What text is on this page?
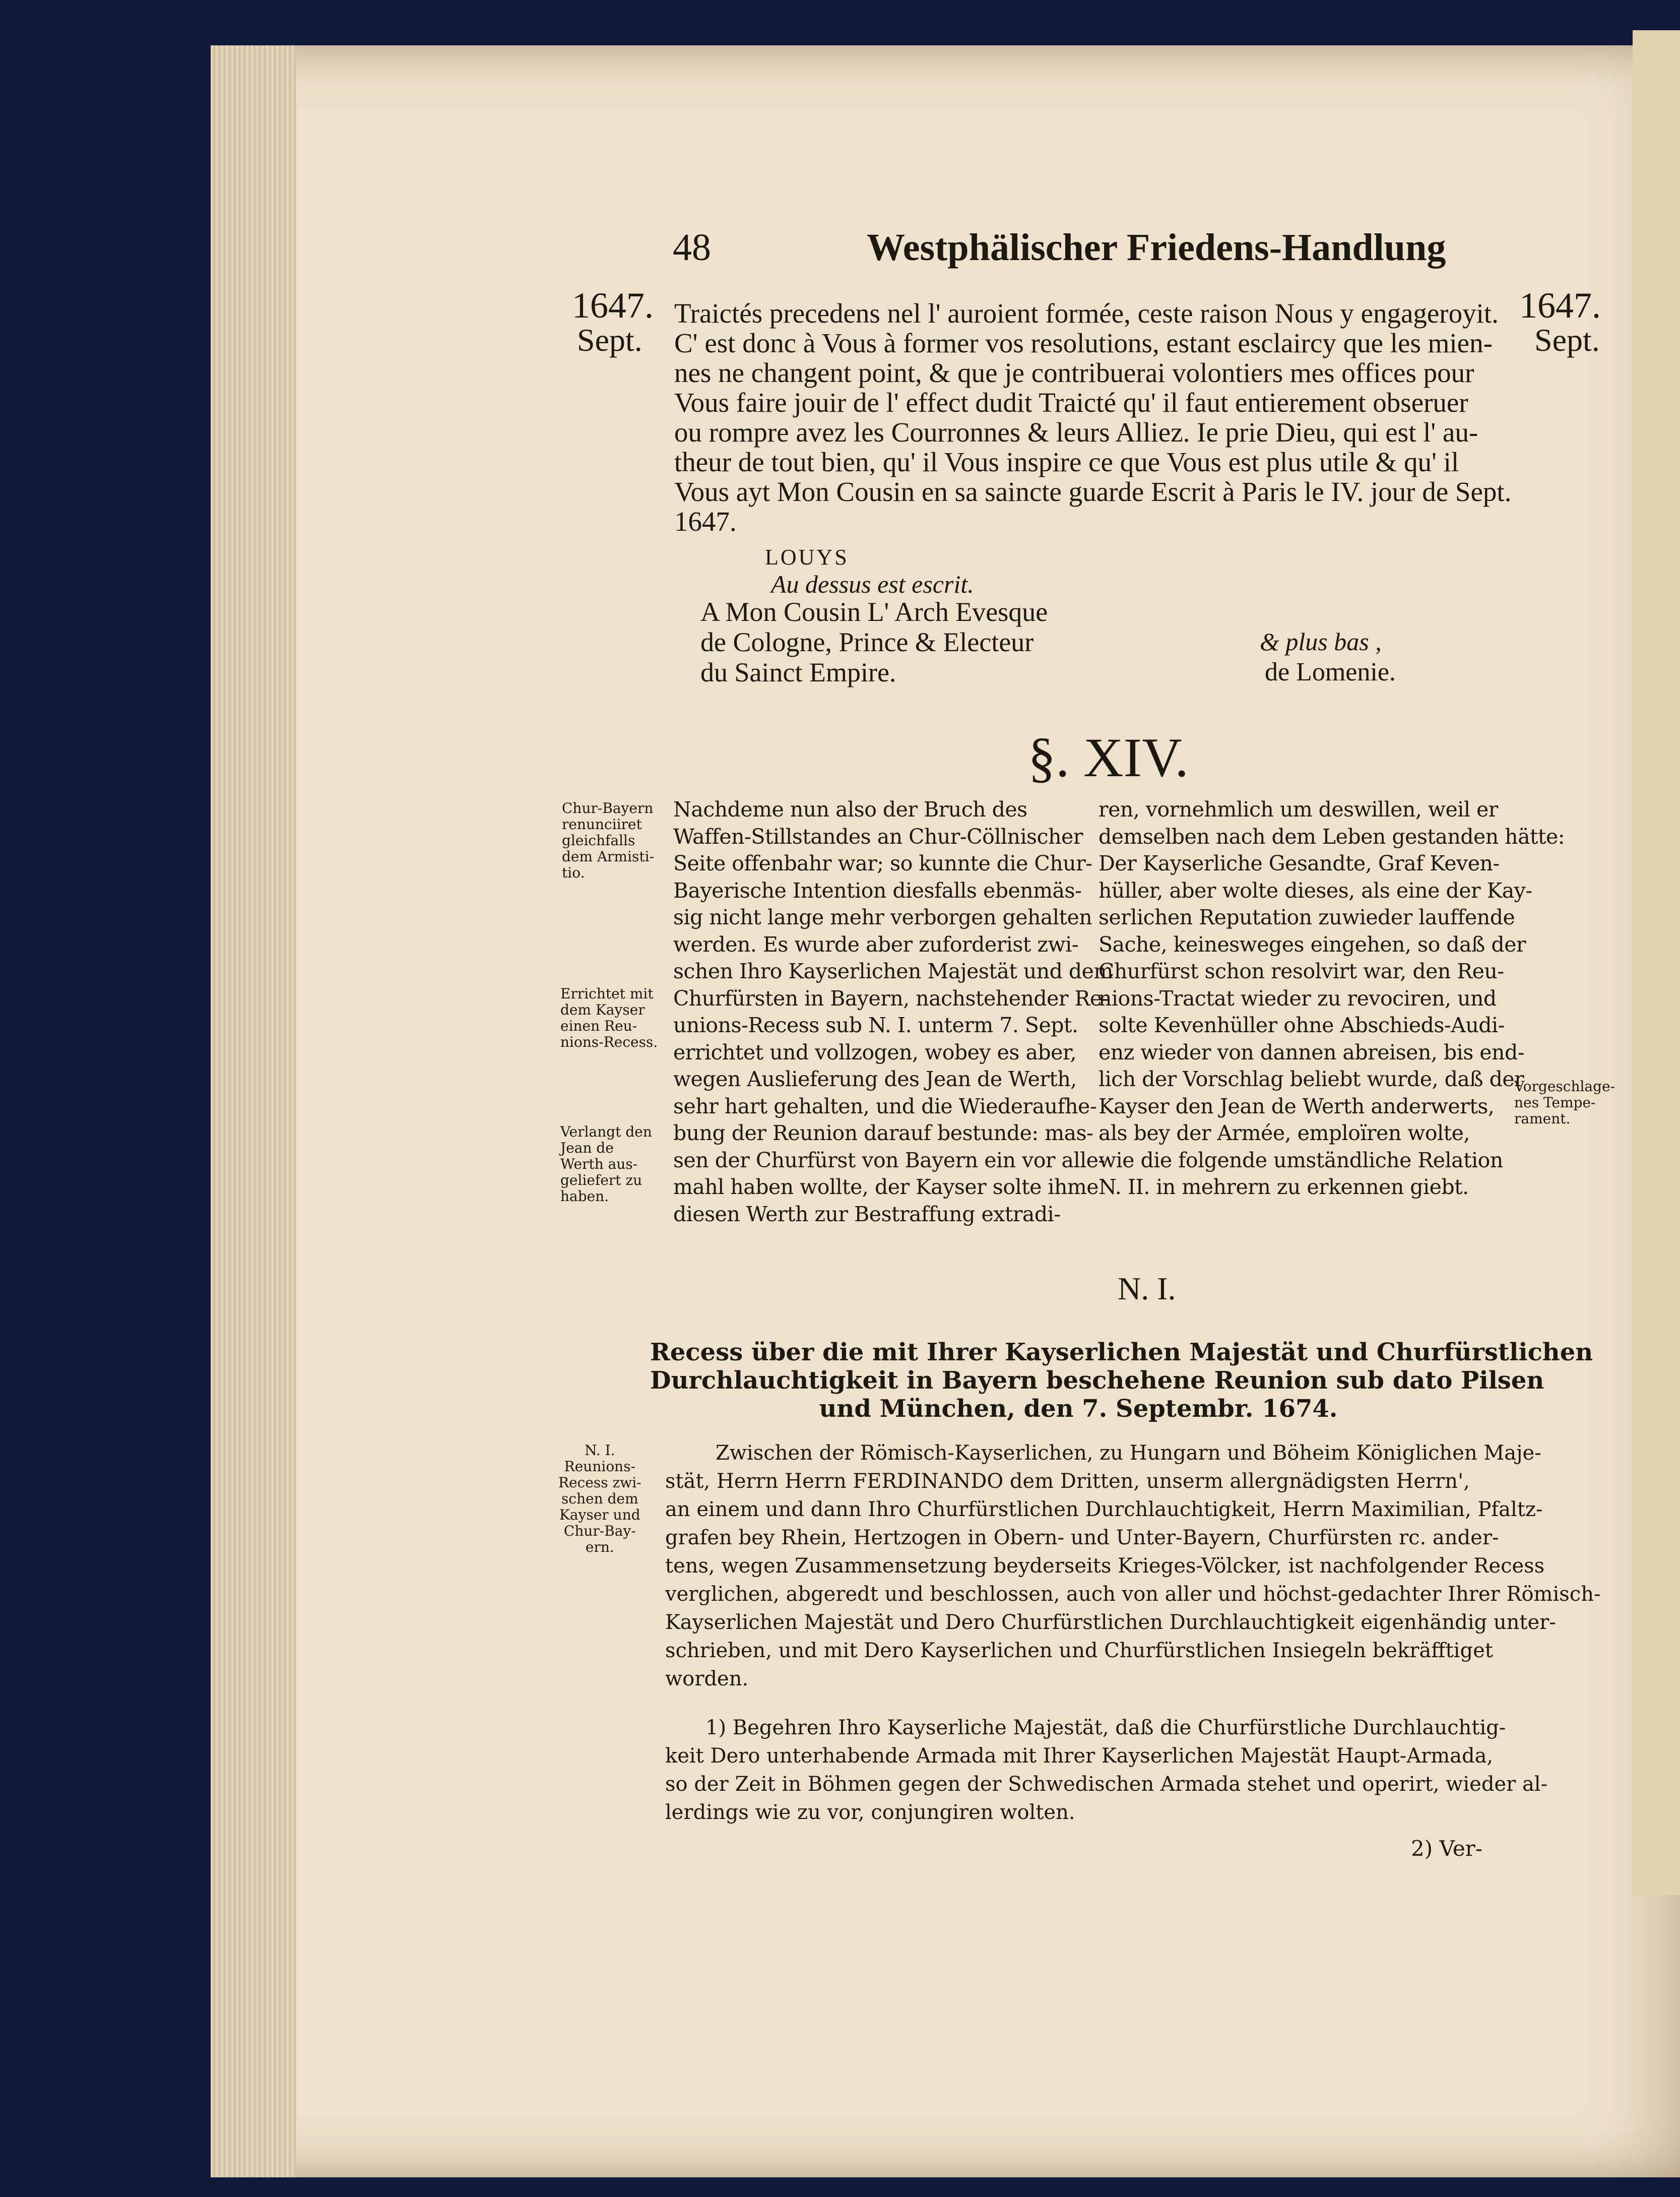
48	Westphälischer Friedens-Handlung
1647.
Sept.
1647.
Sept.
Traictés precedens nel l' auroient formée, ceste raison Nous y engageroyit.
C' est donc à Vous à former vos resolutions, estant esclaircy que les mien-
nes ne changent point, & que je contribuerai volontiers mes offices pour
Vous faire jouir de l' effect dudit Traicté qu' il faut entierement obseruer
ou rompre avez les Courronnes & leurs Alliez. Ie prie Dieu, qui est l' au-
theur de tout bien, qu' il Vous inspire ce que Vous est plus utile & qu' il
Vous ayt Mon Cousin en sa saincte guarde Escrit à Paris le IV. jour de Sept.
1647.
LOUYS
Au dessus est escrit.
A Mon Cousin L' Arch Evesque
de Cologne, Prince & Electeur
du Sainct Empire.
& plus bas ,
de Lomenie.
§. XIV.
Nachdeme nun also der Bruch des
Waffen-Stillstandes an Chur-Cöllnischer
Seite offenbahr war; so kunnte die Chur-
Bayerische Intention diesfalls ebenmäs-
sig nicht lange mehr verborgen gehalten
werden. Es wurde aber zuforderist zwi-
schen Ihro Kayserlichen Majestät und dem
Churfürsten in Bayern, nachstehender Re-
unions-Recess sub N. I. unterm 7. Sept.
errichtet und vollzogen, wobey es aber,
wegen Auslieferung des Jean de Werth,
sehr hart gehalten, und die Wiederaufhe-
bung der Reunion darauf bestunde: mas-
sen der Churfürst von Bayern ein vor alle-
mahl haben wollte, der Kayser solte ihme
diesen Werth zur Bestraffung extradi-
ren, vornehmlich um deswillen, weil er
demselben nach dem Leben gestanden hätte:
Der Kayserliche Gesandte, Graf Keven-
hüller, aber wolte dieses, als eine der Kay-
serlichen Reputation zuwieder lauffende
Sache, keinesweges eingehen, so daß der
Churfürst schon resolvirt war, den Reu-
nions-Tractat wieder zu revociren, und
solte Kevenhüller ohne Abschieds-Audi-
enz wieder von dannen abreisen, bis end-
lich der Vorschlag beliebt wurde, daß der
Kayser den Jean de Werth anderwerts,
als bey der Armée, emploïren wolte,
wie die folgende umständliche Relation
N. II. in mehrern zu erkennen giebt.
Chur-Bayern
renunciiret
gleichfalls
dem Armisti-
tio.
Errichtet mit
dem Kayser
einen Reu-
nions-Recess.
Verlangt den
Jean de
Werth aus-
geliefert zu
haben.
Vorgeschlage-
nes Tempe-
rament.
N. I.
Reunions-
Recess zwi-
schen dem
Kayser und
Chur-Bay-
ern.
N. I.
Recess über die mit Ihrer Kayserlichen Majestät und Churfürstlichen
Durchlauchtigkeit in Bayern beschehene Reunion sub dato Pilsen
und München, den 7. Septembr. 1674.
Zwischen der Römisch-Kayserlichen, zu Hungarn und Böheim Königlichen Maje-
stät, Herrn Herrn FERDINANDO dem Dritten, unserm allergnädigsten Herrn',
an einem und dann Ihro Churfürstlichen Durchlauchtigkeit, Herrn Maximilian, Pfaltz-
grafen bey Rhein, Hertzogen in Obern- und Unter-Bayern, Churfürsten rc. ander-
tens, wegen Zusammensetzung beyderseits Krieges-Völcker, ist nachfolgender Recess
verglichen, abgeredt und beschlossen, auch von aller und höchst-gedachter Ihrer Römisch-
Kayserlichen Majestät und Dero Churfürstlichen Durchlauchtigkeit eigenhändig unter-
schrieben, und mit Dero Kayserlichen und Churfürstlichen Insiegeln bekräfftiget
worden.
1) Begehren Ihro Kayserliche Majestät, daß die Churfürstliche Durchlauchtig-
keit Dero unterhabende Armada mit Ihrer Kayserlichen Majestät Haupt-Armada,
so der Zeit in Böhmen gegen der Schwedischen Armada stehet und operirt, wieder al-
lerdings wie zu vor, conjungiren wolten.
2) Ver-
